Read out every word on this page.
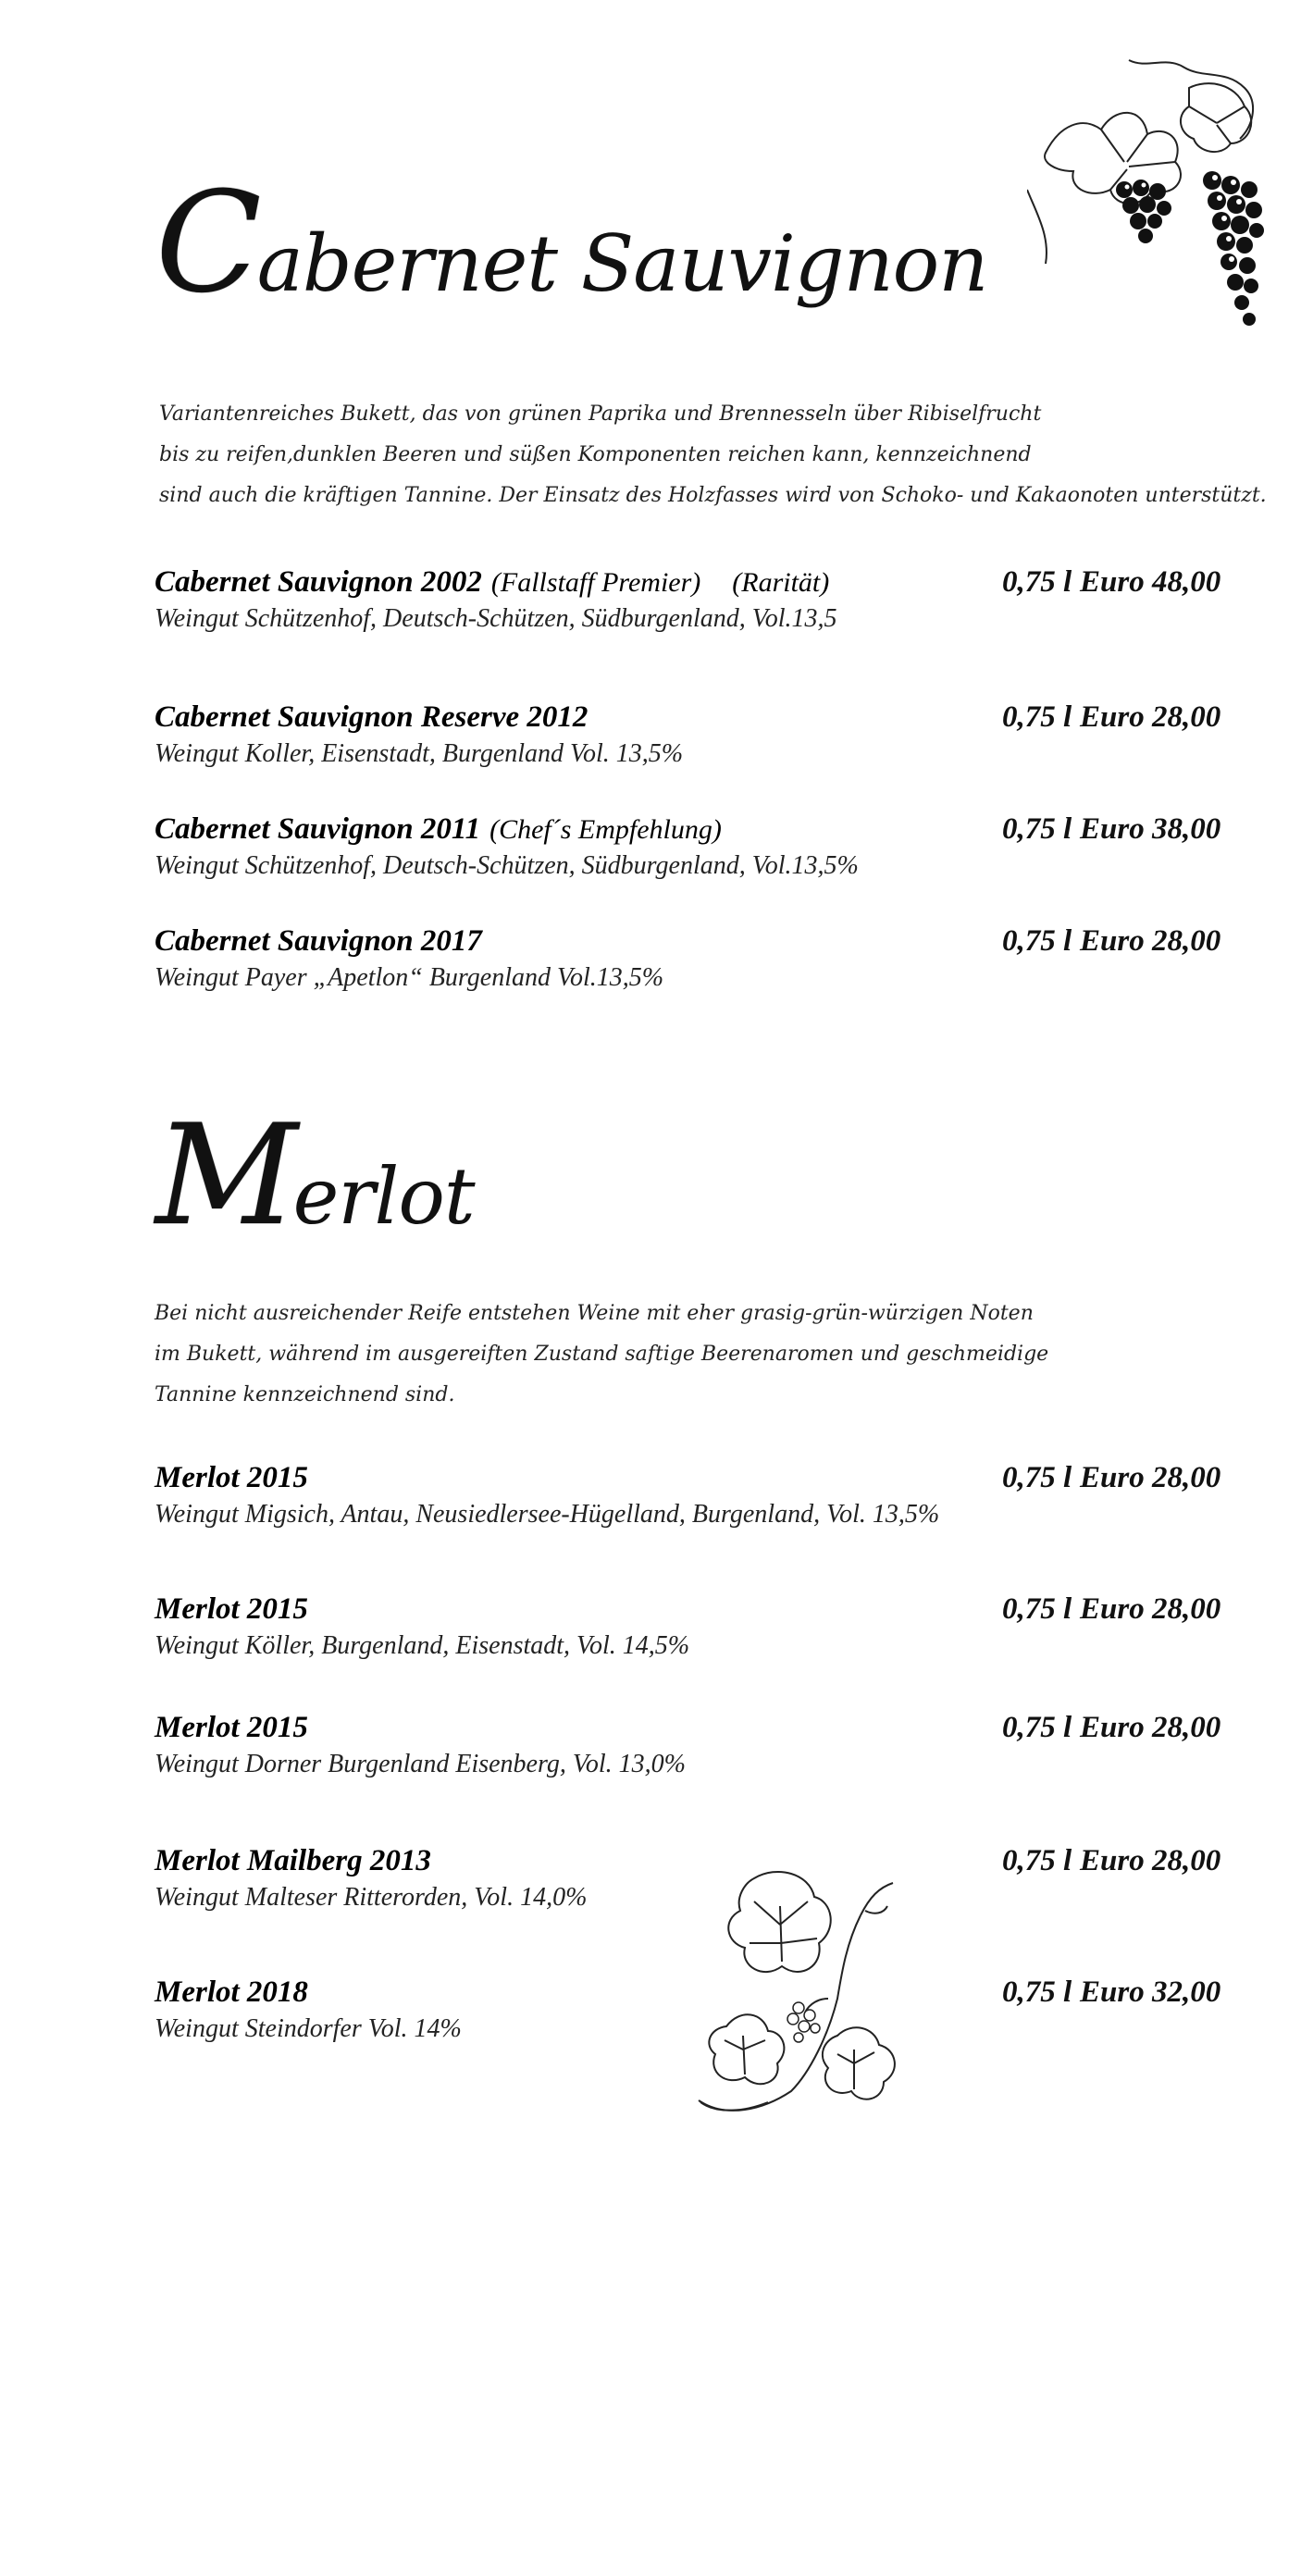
Cabernet Sauvignon
Variantenreiches Bukett, das von grünen Paprika und Brennesseln über Ribiselfrucht
bis zu reifen,dunklen Beeren und süßen Komponenten reichen kann, kennzeichnend
sind auch die kräftigen Tannine. Der Einsatz des Holzfasses wird von Schoko- und Kakaonoten unterstützt.
Cabernet Sauvignon 2002 (Fallstaff Premier) (Rarität)
Weingut Schützenhof, Deutsch-Schützen, Südburgenland, Vol.13,5
0,75 l Euro 48,00
Cabernet Sauvignon Reserve 2012
Weingut Koller, Eisenstadt, Burgenland Vol. 13,5%
0,75 l Euro 28,00
Cabernet Sauvignon 2011 (Chef´s Empfehlung)
Weingut Schützenhof, Deutsch-Schützen, Südburgenland, Vol.13,5%
0,75 l Euro 38,00
Cabernet Sauvignon 2017
Weingut Payer „Apetlon“ Burgenland Vol.13,5%
0,75 l Euro 28,00
Merlot
Bei nicht ausreichender Reife entstehen Weine mit eher grasig-grün-würzigen Noten
im Bukett, während im ausgereiften Zustand saftige Beerenaromen und geschmeidige
Tannine kennzeichnend sind.
Merlot 2015
Weingut Migsich, Antau, Neusiedlersee-Hügelland, Burgenland, Vol. 13,5%
0,75 l Euro 28,00
Merlot 2015
Weingut Köller, Burgenland, Eisenstadt, Vol. 14,5%
0,75 l Euro 28,00
Merlot 2015
Weingut Dorner Burgenland Eisenberg, Vol. 13,0%
0,75 l Euro 28,00
Merlot Mailberg 2013
Weingut Malteser Ritterorden, Vol. 14,0%
0,75 l Euro 28,00
Merlot 2018
Weingut Steindorfer Vol. 14%
0,75 l Euro 32,00
